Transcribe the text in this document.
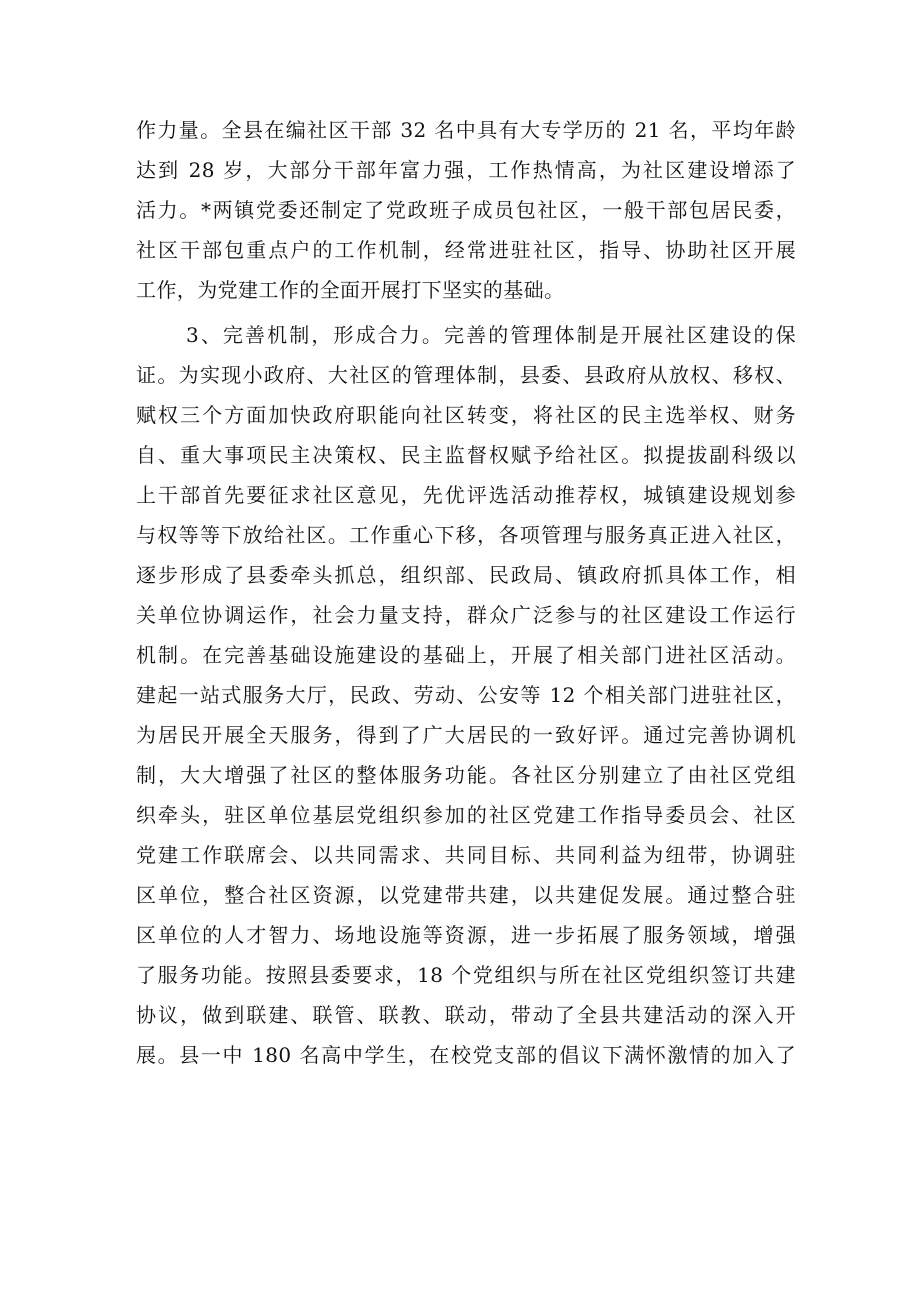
作力量。全县在编社区干部 32 名中具有大专学历的 21 名，平均年龄
达到 28 岁，大部分干部年富力强，工作热情高，为社区建设增添了
活力。*两镇党委还制定了党政班子成员包社区，一般干部包居民委，
社区干部包重点户的工作机制，经常进驻社区，指导、协助社区开展
工作，为党建工作的全面开展打下坚实的基础。
3、完善机制，形成合力。完善的管理体制是开展社区建设的保
证。为实现小政府、大社区的管理体制，县委、县政府从放权、移权、
赋权三个方面加快政府职能向社区转变，将社区的民主选举权、财务
自、重大事项民主决策权、民主监督权赋予给社区。拟提拔副科级以
上干部首先要征求社区意见，先优评选活动推荐权，城镇建设规划参
与权等等下放给社区。工作重心下移，各项管理与服务真正进入社区，
逐步形成了县委牵头抓总，组织部、民政局、镇政府抓具体工作，相
关单位协调运作，社会力量支持，群众广泛参与的社区建设工作运行
机制。在完善基础设施建设的基础上，开展了相关部门进社区活动。
建起一站式服务大厅，民政、劳动、公安等 12 个相关部门进驻社区，
为居民开展全天服务，得到了广大居民的一致好评。通过完善协调机
制，大大增强了社区的整体服务功能。各社区分别建立了由社区党组
织牵头，驻区单位基层党组织参加的社区党建工作指导委员会、社区
党建工作联席会、以共同需求、共同目标、共同利益为纽带，协调驻
区单位，整合社区资源，以党建带共建，以共建促发展。通过整合驻
区单位的人才智力、场地设施等资源，进一步拓展了服务领域，增强
了服务功能。按照县委要求，18 个党组织与所在社区党组织签订共建
协议，做到联建、联管、联教、联动，带动了全县共建活动的深入开
展。县一中 180 名高中学生，在校党支部的倡议下满怀激情的加入了
